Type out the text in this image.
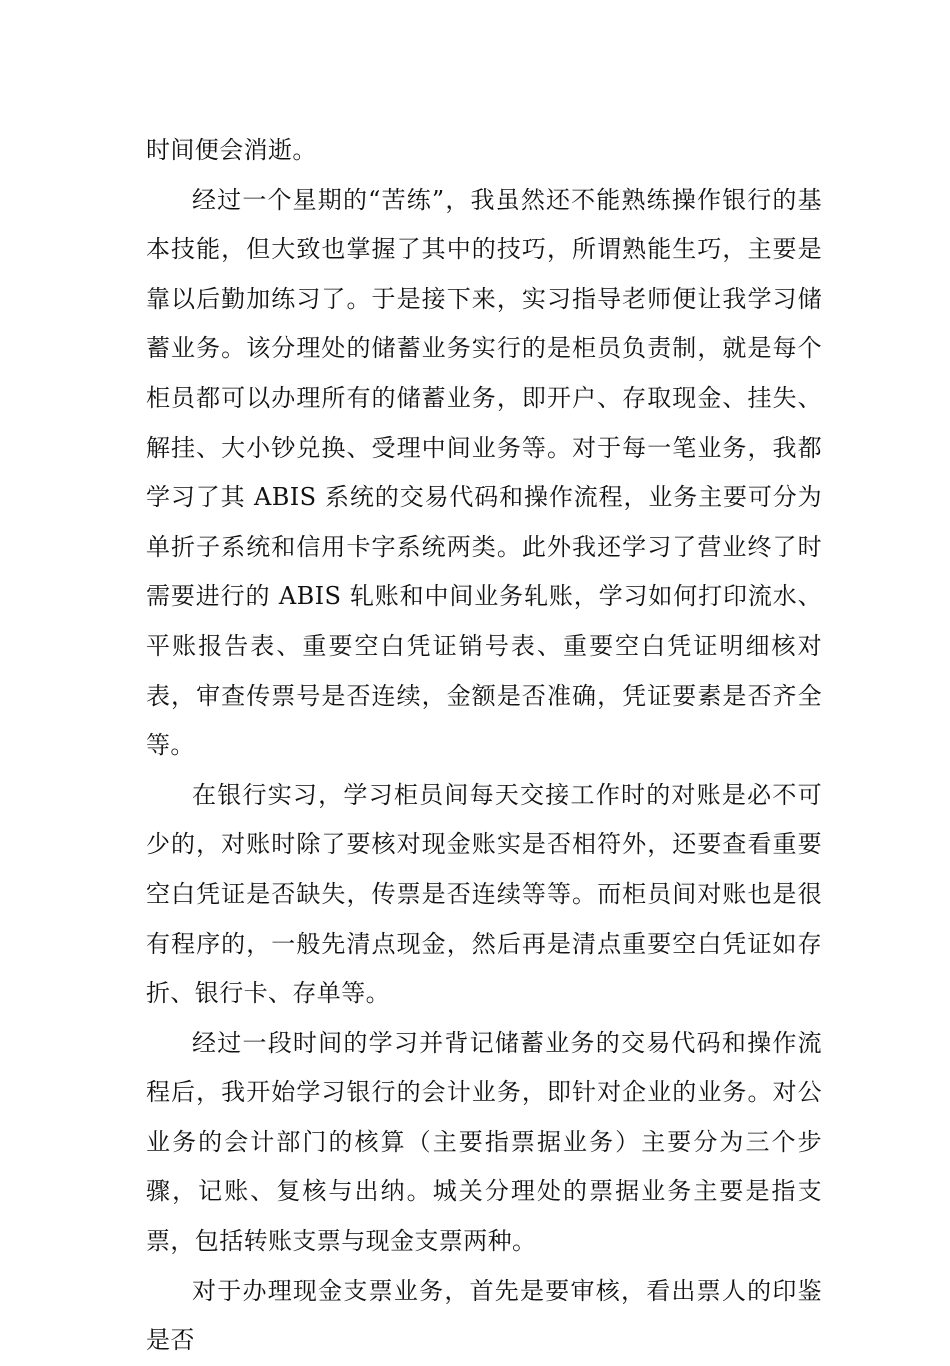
时间便会消逝。

经过一个星期的“苦练”，我虽然还不能熟练操作银行的基本技能，但大致也掌握了其中的技巧，所谓熟能生巧，主要是靠以后勤加练习了。于是接下来，实习指导老师便让我学习储蓄业务。该分理处的储蓄业务实行的是柜员负责制，就是每个柜员都可以办理所有的储蓄业务，即开户、存取现金、挂失、解挂、大小钞兑换、受理中间业务等。对于每一笔业务，我都学习了其 ABIS 系统的交易代码和操作流程，业务主要可分为单折子系统和信用卡字系统两类。此外我还学习了营业终了时需要进行的 ABIS 轧账和中间业务轧账，学习如何打印流水、平账报告表、重要空白凭证销号表、重要空白凭证明细核对表，审查传票号是否连续，金额是否准确，凭证要素是否齐全等。

在银行实习，学习柜员间每天交接工作时的对账是必不可少的，对账时除了要核对现金账实是否相符外，还要查看重要空白凭证是否缺失，传票是否连续等等。而柜员间对账也是很有程序的，一般先清点现金，然后再是清点重要空白凭证如存折、银行卡、存单等。

经过一段时间的学习并背记储蓄业务的交易代码和操作流程后，我开始学习银行的会计业务，即针对企业的业务。对公业务的会计部门的核算（主要指票据业务）主要分为三个步骤，记账、复核与出纳。城关分理处的票据业务主要是指支票，包括转账支票与现金支票两种。

对于办理现金支票业务，首先是要审核，看出票人的印鉴是否
